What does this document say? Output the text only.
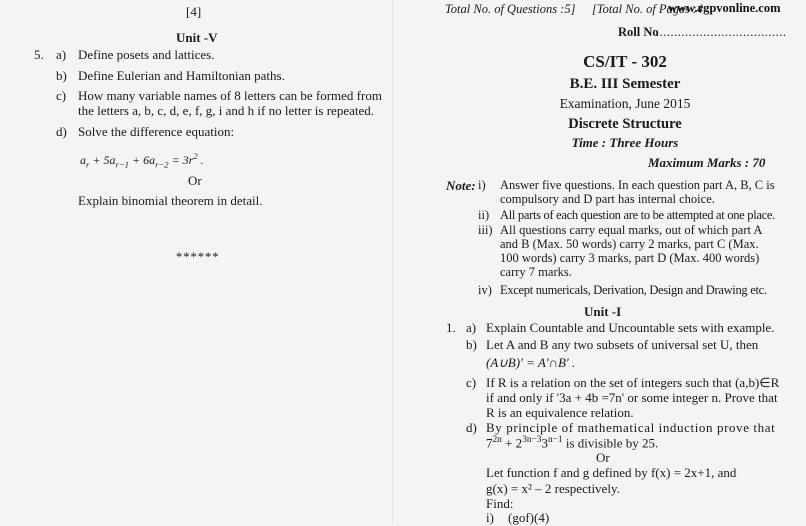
[4]
Unit -V
5. a) Define posets and lattices.
b) Define Eulerian and Hamiltonian paths.
c) How many variable names of 8 letters can be formed from
the letters a, b, c, d, e, f, g, i and h if no letter is repeated.
d) Solve the difference equation:
$a_r + 5a_{r-1} + 6a_{r-2} = 3r^2$ .
Or
Explain binomial theorem in detail.
******
Total No. of Questions :5] [Total No. of Pages :4
www.rgpvonline.com
Roll No
....................................
CS/IT - 302
B.E. III Semester
Examination, June 2015
Discrete Structure
Time : Three Hours
Maximum Marks : 70
Note: i) Answer five questions. In each question part A, B, C is
compulsory and D part has internal choice.
ii) All parts of each question are to be attempted at one place.
iii) All questions carry equal marks, out of which part A
and B (Max. 50 words) carry 2 marks, part C (Max.
100 words) carry 3 marks, part D (Max. 400 words)
carry 7 marks.
iv) Except numericals, Derivation, Design and Drawing etc.
Unit -I
1. a) Explain Countable and Uncountable sets with example.
b) Let A and B any two subsets of universal set U, then
(A∪B)' = A'∩B' .
c) If R is a relation on the set of integers such that (a,b)∈R
if and only if '3a + 4b =7n' or some integer n. Prove that
R is an equivalence relation.
d) By principle of mathematical induction prove that
$7^{2n} + 2^{3n-3}3^{n-1}$ is divisible by 25.
Or
Let function f and g defined by f(x) = 2x+1, and
g(x) = x² – 2 respectively.
Find:
i) (gof)(4)
